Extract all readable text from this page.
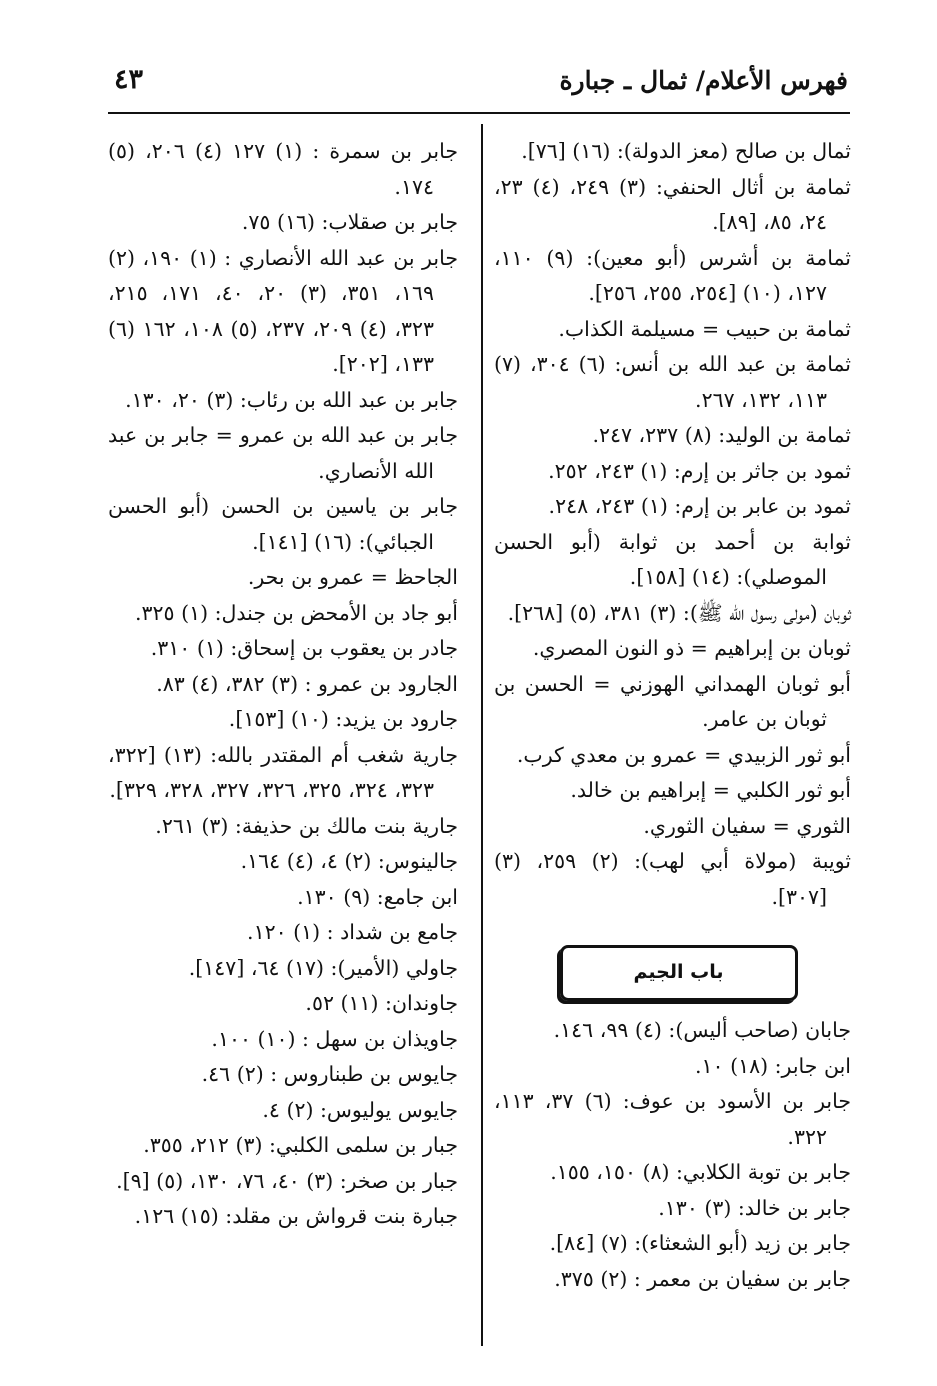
فهرس الأعلام/ ثمال ـ جبارة
٤٣
ثمال بن صالح (معز الدولة): (١٦) [٧٦].
ثمامة بن أثال الحنفي: (٣) ٢٤٩، (٤) ٢٣، ٢٤، ٨٥، [٨٩].
ثمامة بن أشرس (أبو معين): (٩) ١١٠، ١٢٧، (١٠) [٢٥٤، ٢٥٥، ٢٥٦].
ثمامة بن حبيب = مسيلمة الكذاب.
ثمامة بن عبد الله بن أنس: (٦) ٣٠٤، (٧) ١١٣، ١٣٢، ٢٦٧.
ثمامة بن الوليد: (٨) ٢٣٧، ٢٤٧.
ثمود بن جاثر بن إرم: (١) ٢٤٣، ٢٥٢.
ثمود بن عابر بن إرم: (١) ٢٤٣، ٢٤٨.
ثوابة بن أحمد بن ثوابة (أبو الحسن الموصلي): (١٤) [١٥٨].
ثوبان (مولى رسول الله ﷺ): (٣) ٣٨١، (٥) [٢٦٨].
ثوبان بن إبراهيم = ذو النون المصري.
أبو ثوبان الهمداني الهوزني = الحسن بن ثوبان بن عامر.
أبو ثور الزبيدي = عمرو بن معدي كرب.
أبو ثور الكلبي = إبراهيم بن خالد.
الثوري = سفيان الثوري.
ثويبة (مولاة أبي لهب): (٢) ٢٥٩، (٣) [٣٠٧].
باب الجيم
جابان (صاحب أليس): (٤) ٩٩، ١٤٦.
ابن جابر: (١٨) ١٠.
جابر بن الأسود بن عوف: (٦) ٣٧، ١١٣، ٣٢٢.
جابر بن توبة الكلابي: (٨) ١٥٠، ١٥٥.
جابر بن خالد: (٣) ١٣٠.
جابر بن زيد (أبو الشعثاء): (٧) [٨٤].
جابر بن سفيان بن معمر : (٢) ٣٧٥.
جابر بن سمرة : (١) ١٢٧ (٤) ٢٠٦، (٥) ١٧٤.
جابر بن صقلاب: (١٦) ٧٥.
جابر بن عبد الله الأنصاري : (١) ١٩٠، (٢) ١٦٩، ٣٥١، (٣) ٢٠، ٤٠، ١٧١، ٢١٥، ٣٢٣، (٤) ٢٠٩، ٢٣٧، (٥) ١٠٨، ١٦٢ (٦) ١٣٣، [٢٠٢].
جابر بن عبد الله بن رئاب: (٣) ٢٠، ١٣٠.
جابر بن عبد الله بن عمرو = جابر بن عبد الله الأنصاري.
جابر بن ياسين بن الحسن (أبو الحسن الجبائي): (١٦) [١٤١].
الجاحظ = عمرو بن بحر.
أبو جاد بن الأمحض بن جندل: (١) ٣٢٥.
جادر بن يعقوب بن إسحاق: (١) ٣١٠.
الجارود بن عمرو : (٣) ٣٨٢، (٤) ٨٣.
جارود بن يزيد: (١٠) [١٥٣].
جارية شغب أم المقتدر بالله: (١٣) [٣٢٢، ٣٢٣، ٣٢٤، ٣٢٥، ٣٢٦، ٣٢٧، ٣٢٨، ٣٢٩].
جارية بنت مالك بن حذيفة: (٣) ٢٦١.
جالينوس: (٢) ٤، (٤) ١٦٤.
ابن جامع: (٩) ١٣٠.
جامع بن شداد : (١) ١٢٠.
جاولي (الأمير): (١٧) ٦٤، [١٤٧].
جاوندان: (١١) ٥٢.
جاويذان بن سهل : (١٠) ١٠٠.
جايوس بن طبناروس : (٢) ٤٦.
جايوس يوليوس: (٢) ٤.
جبار بن سلمى الكلبي: (٣) ٢١٢، ٣٥٥.
جبار بن صخر: (٣) ٤٠، ٧٦، ١٣٠، (٥) [٩].
جبارة بنت قرواش بن مقلد: (١٥) ١٢٦.
